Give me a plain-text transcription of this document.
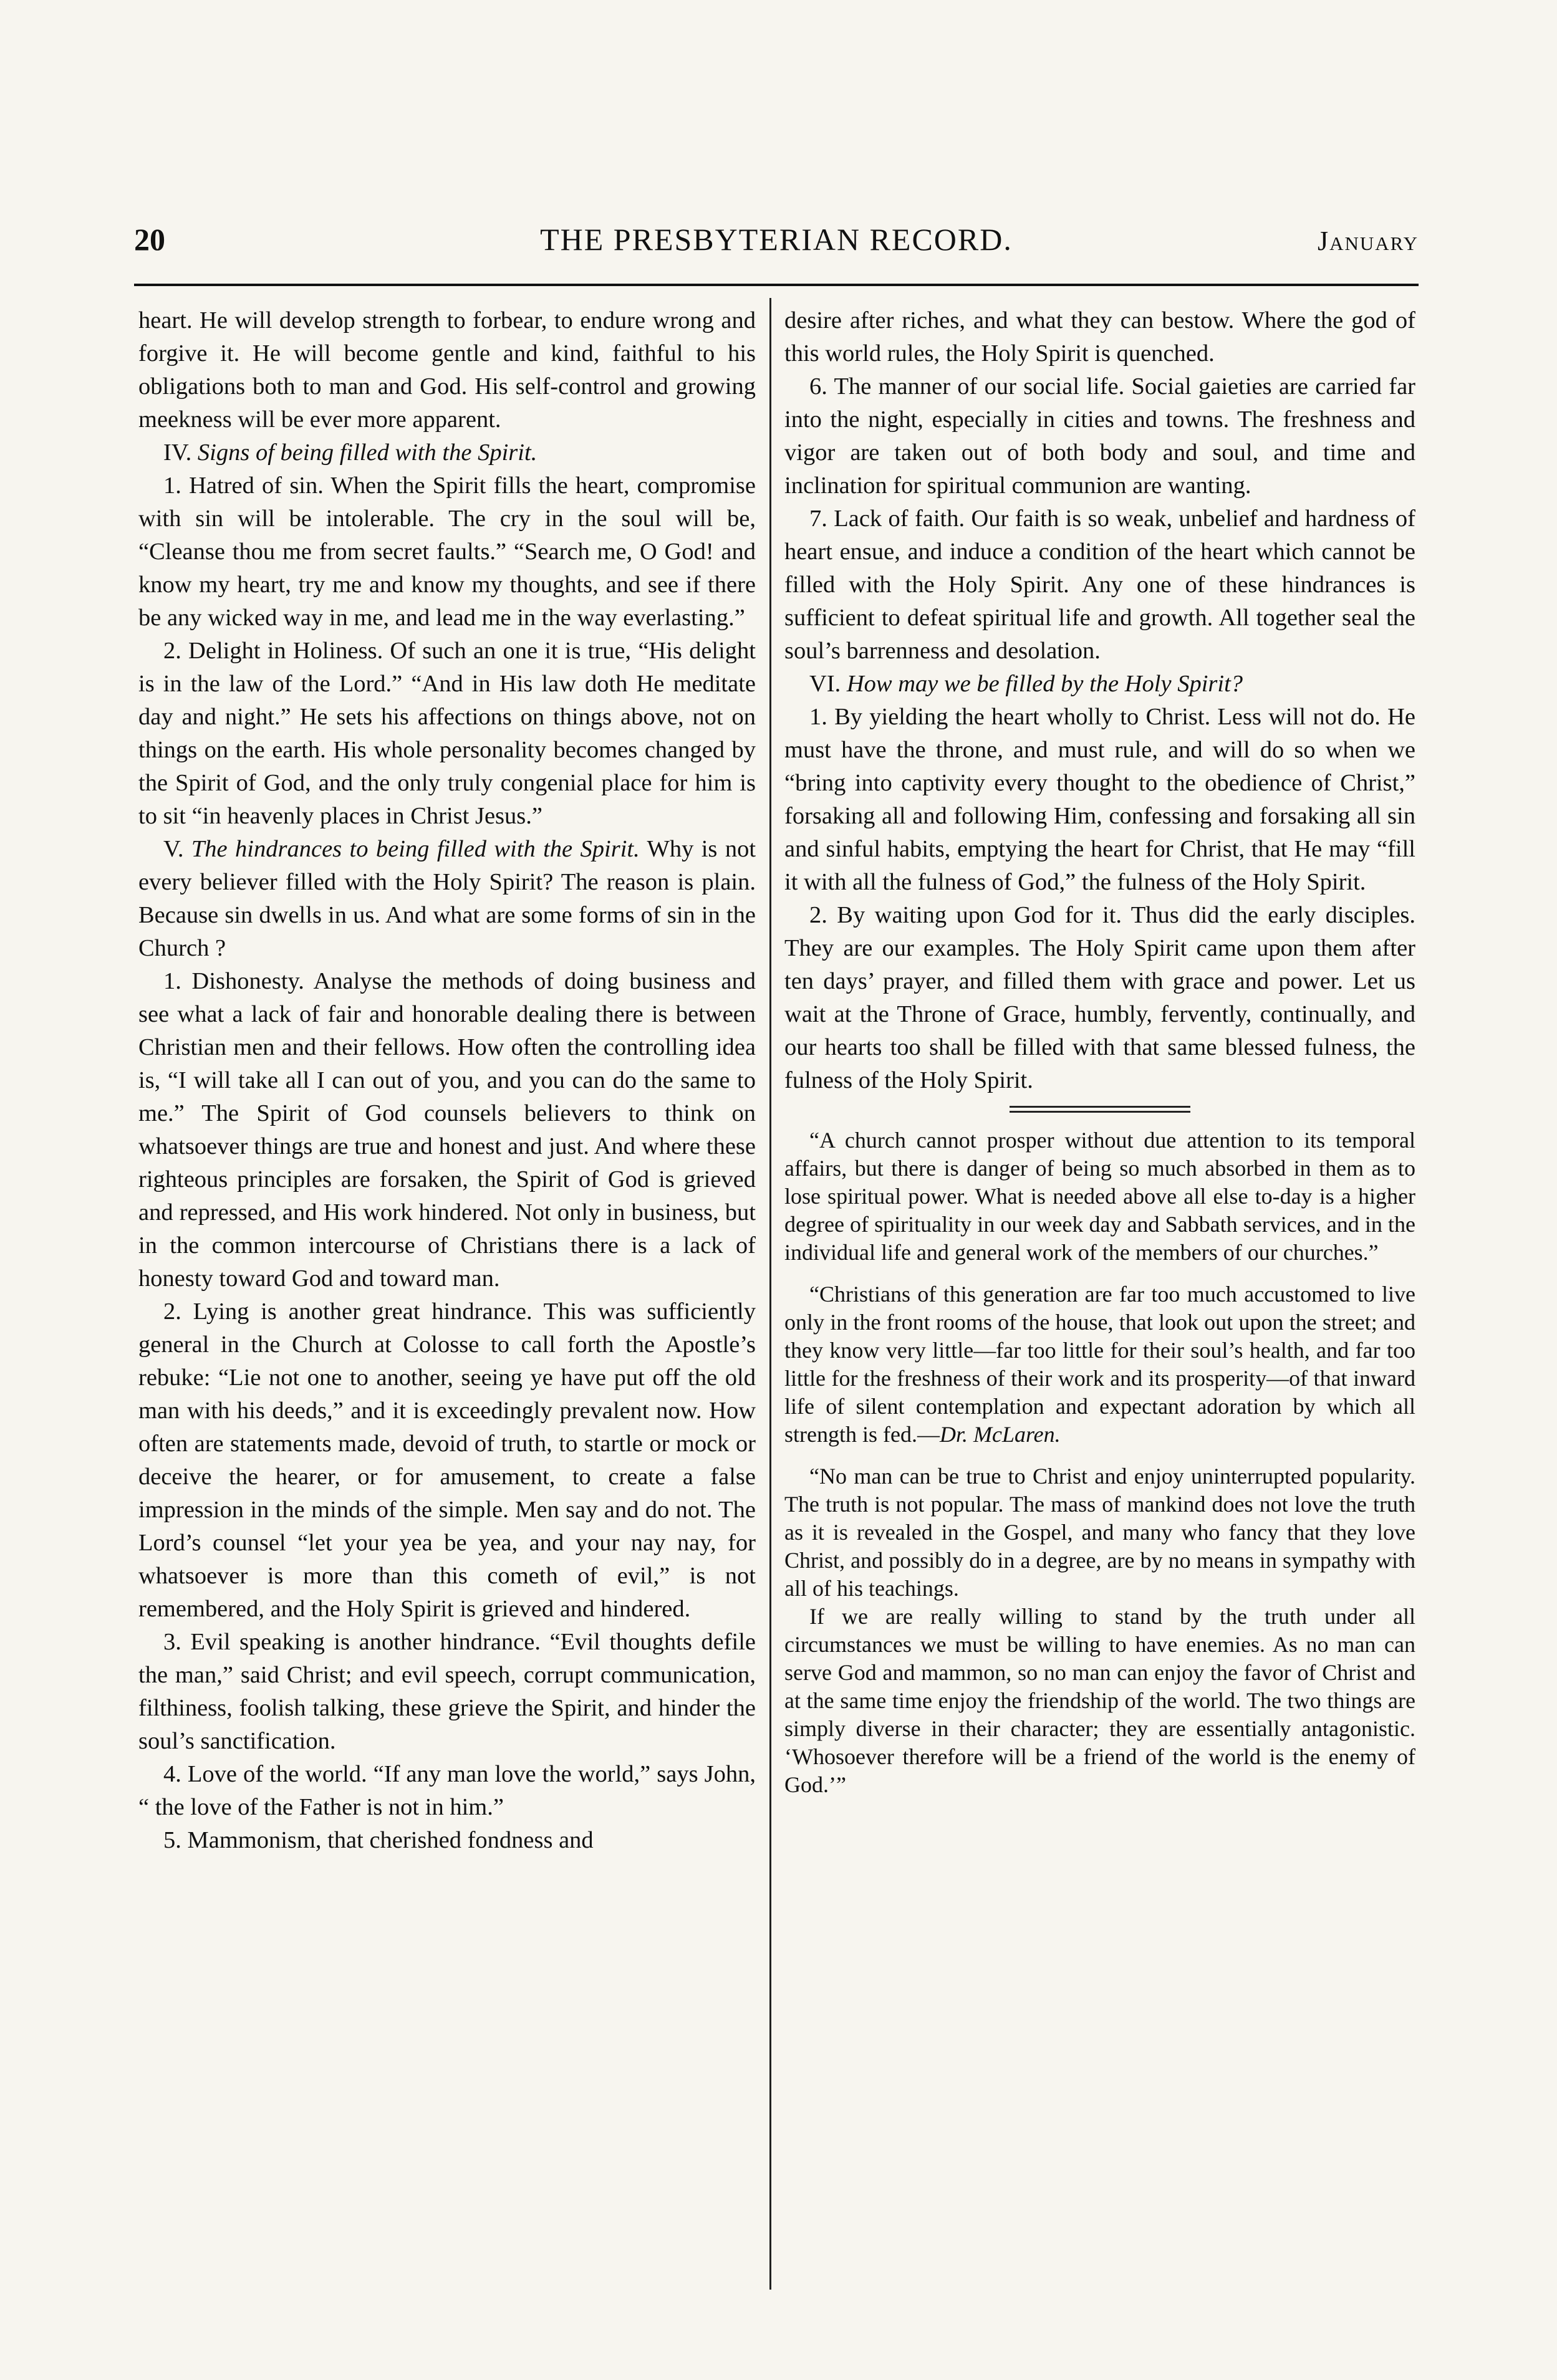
20	THE PRESBYTERIAN RECORD.	January

heart. He will develop strength to forbear, to endure wrong and forgive it. He will become gentle and kind, faithful to his obligations both to man and God. His self-control and growing meekness will be ever more apparent.

IV. Signs of being filled with the Spirit.

1. Hatred of sin. When the Spirit fills the heart, compromise with sin will be intolerable. The cry in the soul will be, “Cleanse thou me from secret faults.” “Search me, O God! and know my heart, try me and know my thoughts, and see if there be any wicked way in me, and lead me in the way everlasting.”

2. Delight in Holiness. Of such an one it is true, “His delight is in the law of the Lord.” “And in His law doth He meditate day and night.” He sets his affections on things above, not on things on the earth. His whole personality becomes changed by the Spirit of God, and the only truly congenial place for him is to sit “in heavenly places in Christ Jesus.”

V. The hindrances to being filled with the Spirit. Why is not every believer filled with the Holy Spirit? The reason is plain. Because sin dwells in us. And what are some forms of sin in the Church ?

1. Dishonesty. Analyse the methods of doing business and see what a lack of fair and honorable dealing there is between Christian men and their fellows. How often the controlling idea is, “I will take all I can out of you, and you can do the same to me.” The Spirit of God counsels believers to think on whatsoever things are true and honest and just. And where these righteous principles are forsaken, the Spirit of God is grieved and repressed, and His work hindered. Not only in business, but in the common intercourse of Christians there is a lack of honesty toward God and toward man.

2. Lying is another great hindrance. This was sufficiently general in the Church at Colosse to call forth the Apostle’s rebuke: “Lie not one to another, seeing ye have put off the old man with his deeds,” and it is exceedingly prevalent now. How often are statements made, devoid of truth, to startle or mock or deceive the hearer, or for amusement, to create a false impression in the minds of the simple. Men say and do not. The Lord’s counsel “let your yea be yea, and your nay nay, for whatsoever is more than this cometh of evil,” is not remembered, and the Holy Spirit is grieved and hindered.

3. Evil speaking is another hindrance. “Evil thoughts defile the man,” said Christ; and evil speech, corrupt communication, filthiness, foolish talking, these grieve the Spirit, and hinder the soul’s sanctification.

4. Love of the world. “If any man love the world,” says John, “ the love of the Father is not in him.”

5. Mammonism, that cherished fondness and

desire after riches, and what they can bestow. Where the god of this world rules, the Holy Spirit is quenched.

6. The manner of our social life. Social gaieties are carried far into the night, especially in cities and towns. The freshness and vigor are taken out of both body and soul, and time and inclination for spiritual communion are wanting.

7. Lack of faith. Our faith is so weak, unbelief and hardness of heart ensue, and induce a condition of the heart which cannot be filled with the Holy Spirit. Any one of these hindrances is sufficient to defeat spiritual life and growth. All together seal the soul’s barrenness and desolation.

VI. How may we be filled by the Holy Spirit?

1. By yielding the heart wholly to Christ. Less will not do. He must have the throne, and must rule, and will do so when we “bring into captivity every thought to the obedience of Christ,” forsaking all and following Him, confessing and forsaking all sin and sinful habits, emptying the heart for Christ, that He may “fill it with all the fulness of God,” the fulness of the Holy Spirit.

2. By waiting upon God for it. Thus did the early disciples. They are our examples. The Holy Spirit came upon them after ten days’ prayer, and filled them with grace and power. Let us wait at the Throne of Grace, humbly, fervently, continually, and our hearts too shall be filled with that same blessed fulness, the fulness of the Holy Spirit.

“A church cannot prosper without due attention to its temporal affairs, but there is danger of being so much absorbed in them as to lose spiritual power. What is needed above all else to-day is a higher degree of spirituality in our week day and Sabbath services, and in the individual life and general work of the members of our churches.”

“Christians of this generation are far too much accustomed to live only in the front rooms of the house, that look out upon the street; and they know very little—far too little for their soul’s health, and far too little for the freshness of their work and its prosperity—of that inward life of silent contemplation and expectant adoration by which all strength is fed.—Dr. McLaren.

“No man can be true to Christ and enjoy uninterrupted popularity. The truth is not popular. The mass of mankind does not love the truth as it is revealed in the Gospel, and many who fancy that they love Christ, and possibly do in a degree, are by no means in sympathy with all of his teachings.

If we are really willing to stand by the truth under all circumstances we must be willing to have enemies. As no man can serve God and mammon, so no man can enjoy the favor of Christ and at the same time enjoy the friendship of the world. The two things are simply diverse in their character; they are essentially antagonistic. ‘Whosoever therefore will be a friend of the world is the enemy of God.’”
